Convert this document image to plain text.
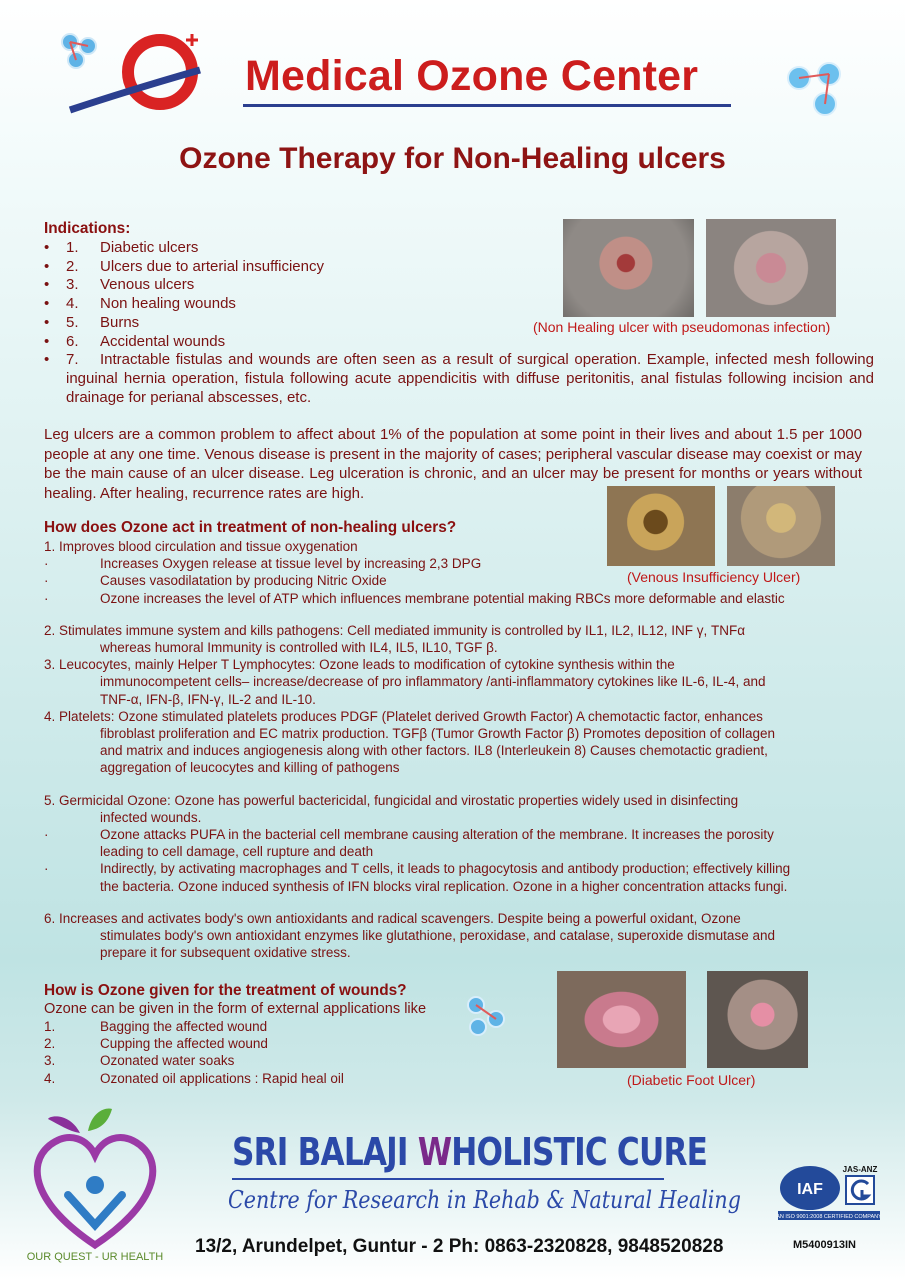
Medical Ozone Center
Ozone Therapy for Non-Healing ulcers
Indications:
• 1. Diabetic ulcers
• 2. Ulcers due to arterial insufficiency
• 3. Venous ulcers
• 4. Non healing wounds
• 5. Burns
• 6. Accidental wounds
• 7. Intractable fistulas and wounds are often seen as a result of surgical operation. Example, infected mesh following inguinal hernia operation, fistula following acute appendicitis with diffuse peritonitis, anal fistulas following incision and drainage for perianal abscesses, etc.
(Non Healing ulcer with pseudomonas infection)
Leg ulcers are a common problem to affect about 1% of the population at some point in their lives and about 1.5 per 1000 people at any one time. Venous disease is present in the majority of cases; peripheral vascular disease may coexist or may be the main cause of an ulcer disease. Leg ulceration is chronic, and an ulcer may be present for months or years without healing. After healing, recurrence rates are high.
(Venous Insufficiency Ulcer)
How does Ozone act in treatment of non-healing ulcers?
1. Improves blood circulation and tissue oxygenation
·	Increases Oxygen release at tissue level by increasing 2,3 DPG
·	Causes vasodilatation by producing Nitric Oxide
·	Ozone increases the level of ATP which influences membrane potential making RBCs more deformable and elastic
2. Stimulates immune system and kills pathogens: Cell mediated immunity is controlled by IL1, IL2, IL12, INF γ, TNFα
whereas humoral Immunity is controlled with IL4, IL5, IL10, TGF β.
3. Leucocytes, mainly Helper T Lymphocytes: Ozone leads to modification of cytokine synthesis within the
immunocompetent cells– increase/decrease of pro inflammatory /anti-inflammatory cytokines like IL-6, IL-4, and
TNF-α, IFN-β, IFN-γ, IL-2 and IL-10.
4. Platelets: Ozone stimulated platelets produces PDGF (Platelet derived Growth Factor) A chemotactic factor, enhances
fibroblast proliferation and EC matrix production. TGFβ (Tumor Growth Factor β) Promotes deposition of collagen
and matrix and induces angiogenesis along with other factors. IL8 (Interleukein 8) Causes chemotactic gradient,
aggregation of leucocytes and killing of pathogens
5. Germicidal Ozone: Ozone has powerful bactericidal, fungicidal and virostatic properties widely used in disinfecting
infected wounds.
·	Ozone attacks PUFA in the bacterial cell membrane causing alteration of the membrane. It increases the porosity
leading to cell damage, cell rupture and death
·	Indirectly, by activating macrophages and T cells, it leads to phagocytosis and antibody production; effectively killing
the bacteria. Ozone induced synthesis of IFN blocks viral replication. Ozone in a higher concentration attacks fungi.
6. Increases and activates body's own antioxidants and radical scavengers. Despite being a powerful oxidant, Ozone
stimulates body's own antioxidant enzymes like glutathione, peroxidase, and catalase, superoxide dismutase and
prepare it for subsequent oxidative stress.
How is Ozone given for the treatment of wounds?
Ozone can be given in the form of external applications like
1.	Bagging the affected wound
2.	Cupping the affected wound
3.	Ozonated water soaks
4.	Ozonated oil applications : Rapid heal oil	(Diabetic Foot Ulcer)
OUR QUEST - UR HEALTH
SRI BALAJI WHOLISTIC CURE
Centre for Research in Rehab & Natural Healing
13/2, Arundelpet, Guntur - 2 Ph: 0863-2320828, 9848520828
IAF
JAS-ANZ
AN ISO 9001:2008 CERTIFIED COMPANY
M5400913IN
